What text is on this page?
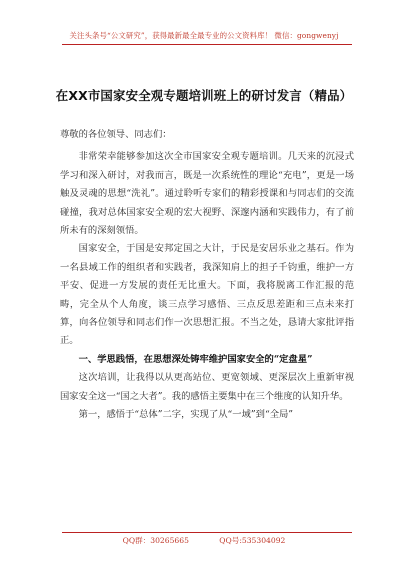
关注头条号“公文研究”，获得最新最全最专业的公文资料库！ 微信：gongwenyj
在XX市国家安全观专题培训班上的研讨发言（精品）

尊敬的各位领导、同志们：

非常荣幸能够参加这次全市国家安全观专题培训。几天来的沉浸式学习和深入研讨，对我而言，既是一次系统性的理论“充电”，更是一场触及灵魂的思想“洗礼”。通过聆听专家们的精彩授课和与同志们的交流碰撞，我对总体国家安全观的宏大视野、深邃内涵和实践伟力，有了前所未有的深刻领悟。

国家安全，于国是安邦定国之大计，于民是安居乐业之基石。作为一名县域工作的组织者和实践者，我深知肩上的担子千钧重，维护一方平安、促进一方发展的责任无比重大。下面，我将脱离工作汇报的范畴，完全从个人角度，谈三点学习感悟、三点反思差距和三点未来打算，向各位领导和同志们作一次思想汇报。不当之处，恳请大家批评指正。

一、学思践悟，在思想深处铸牢维护国家安全的“定盘星”

这次培训，让我得以从更高站位、更宽领域、更深层次上重新审视国家安全这一“国之大者”。我的感悟主要集中在三个维度的认知升华。

第一，感悟于“总体”二字，实现了从“一域”到“全局”

QQ群：30265665　　　　QQ号:535304092
